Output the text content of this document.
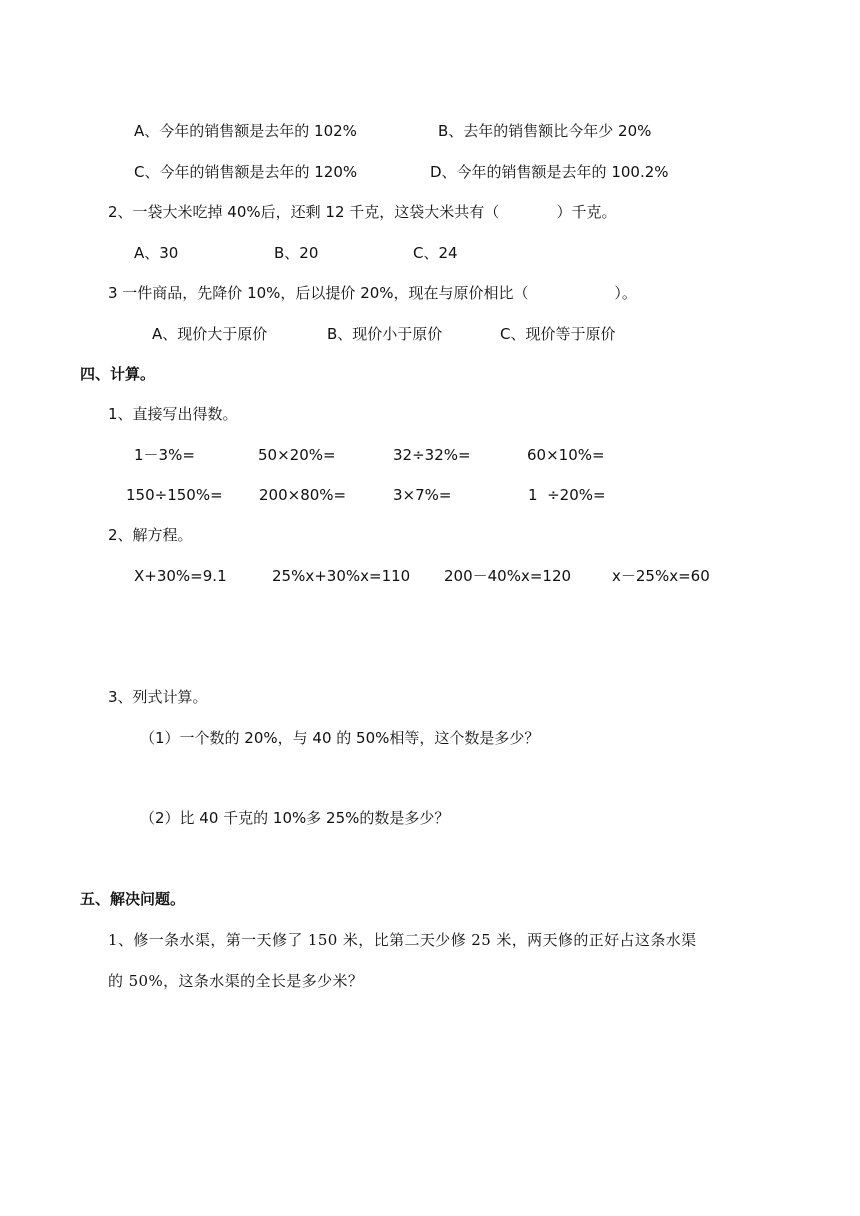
A、今年的销售额是去年的 102%	B、去年的销售额比今年少 20%
C、今年的销售额是去年的 120%	D、今年的销售额是去年的 100.2%
2、一袋大米吃掉 40%后，还剩 12 千克，这袋大米共有（            ）千克。
A、30	B、20	C、24
3 一件商品，先降价 10%，后以提价 20%，现在与原价相比（                  ）。
A、现价大于原价	B、现价小于原价	C、现价等于原价
四、计算。
1、直接写出得数。
1－3%=	50×20%=	32÷32%=	60×10%=
150÷150%= 200×80%=	3×7%=	1  ÷20%=
2、解方程。
X+30%=9.1	25%x+30%x=110 200－40%x=120	x－25%x=60
3、列式计算。
（1）一个数的 20%，与 40 的 50%相等，这个数是多少？
（2）比 40 千克的 10%多 25%的数是多少？
五、解决问题。
1、修一条水渠，第一天修了 150 米，比第二天少修 25 米，两天修的正好占这条水渠
的 50%，这条水渠的全长是多少米？
